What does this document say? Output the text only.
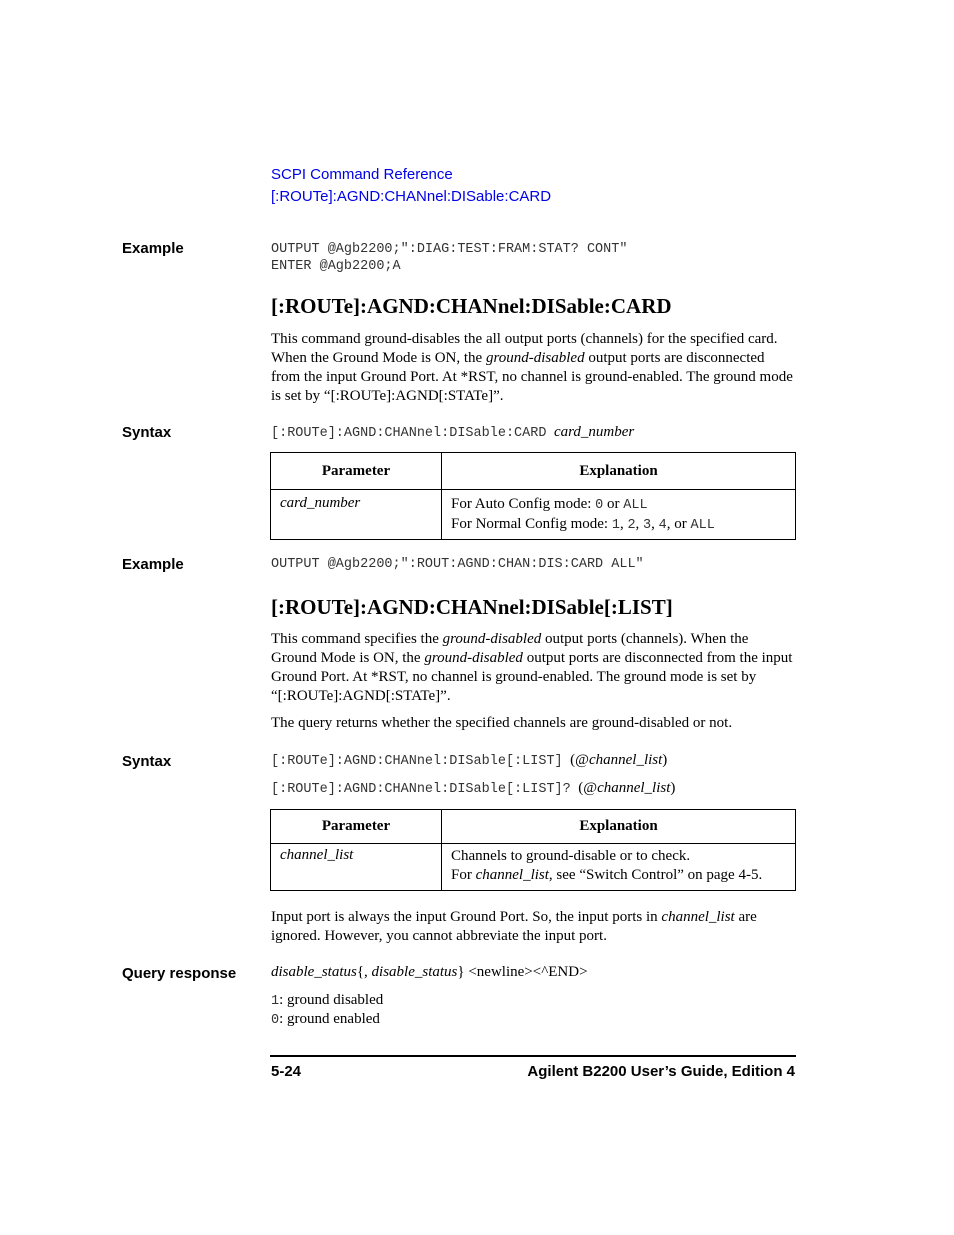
SCPI Command Reference
[:ROUTe]:AGND:CHANnel:DISable:CARD
Example	OUTPUT @Agb2200;":DIAG:TEST:FRAM:STAT? CONT"
ENTER @Agb2200;A
[:ROUTe]:AGND:CHANnel:DISable:CARD
This command ground-disables the all output ports (channels) for the specified card. When the Ground Mode is ON, the ground-disabled output ports are disconnected from the input Ground Port. At *RST, no channel is ground-enabled. The ground mode is set by “[:ROUTe]:AGND[:STATe]”.
Syntax	[:ROUTe]:AGND:CHANnel:DISable:CARD card_number
Parameter	Explanation
card_number	For Auto Config mode: 0 or ALL
For Normal Config mode: 1, 2, 3, 4, or ALL
Example	OUTPUT @Agb2200;":ROUT:AGND:CHAN:DIS:CARD ALL"
[:ROUTe]:AGND:CHANnel:DISable[:LIST]
This command specifies the ground-disabled output ports (channels). When the Ground Mode is ON, the ground-disabled output ports are disconnected from the input Ground Port. At *RST, no channel is ground-enabled. The ground mode is set by “[:ROUTe]:AGND[:STATe]”.
The query returns whether the specified channels are ground-disabled or not.
Syntax	[:ROUTe]:AGND:CHANnel:DISable[:LIST] (@channel_list)
[:ROUTe]:AGND:CHANnel:DISable[:LIST]? (@channel_list)
Parameter	Explanation
channel_list	Channels to ground-disable or to check.
For channel_list, see “Switch Control” on page 4-5.
Input port is always the input Ground Port. So, the input ports in channel_list are ignored. However, you cannot abbreviate the input port.
Query response disable_status{, disable_status} <newline><^END>
1: ground disabled
0: ground enabled
5-24	Agilent B2200 User’s Guide, Edition 4
